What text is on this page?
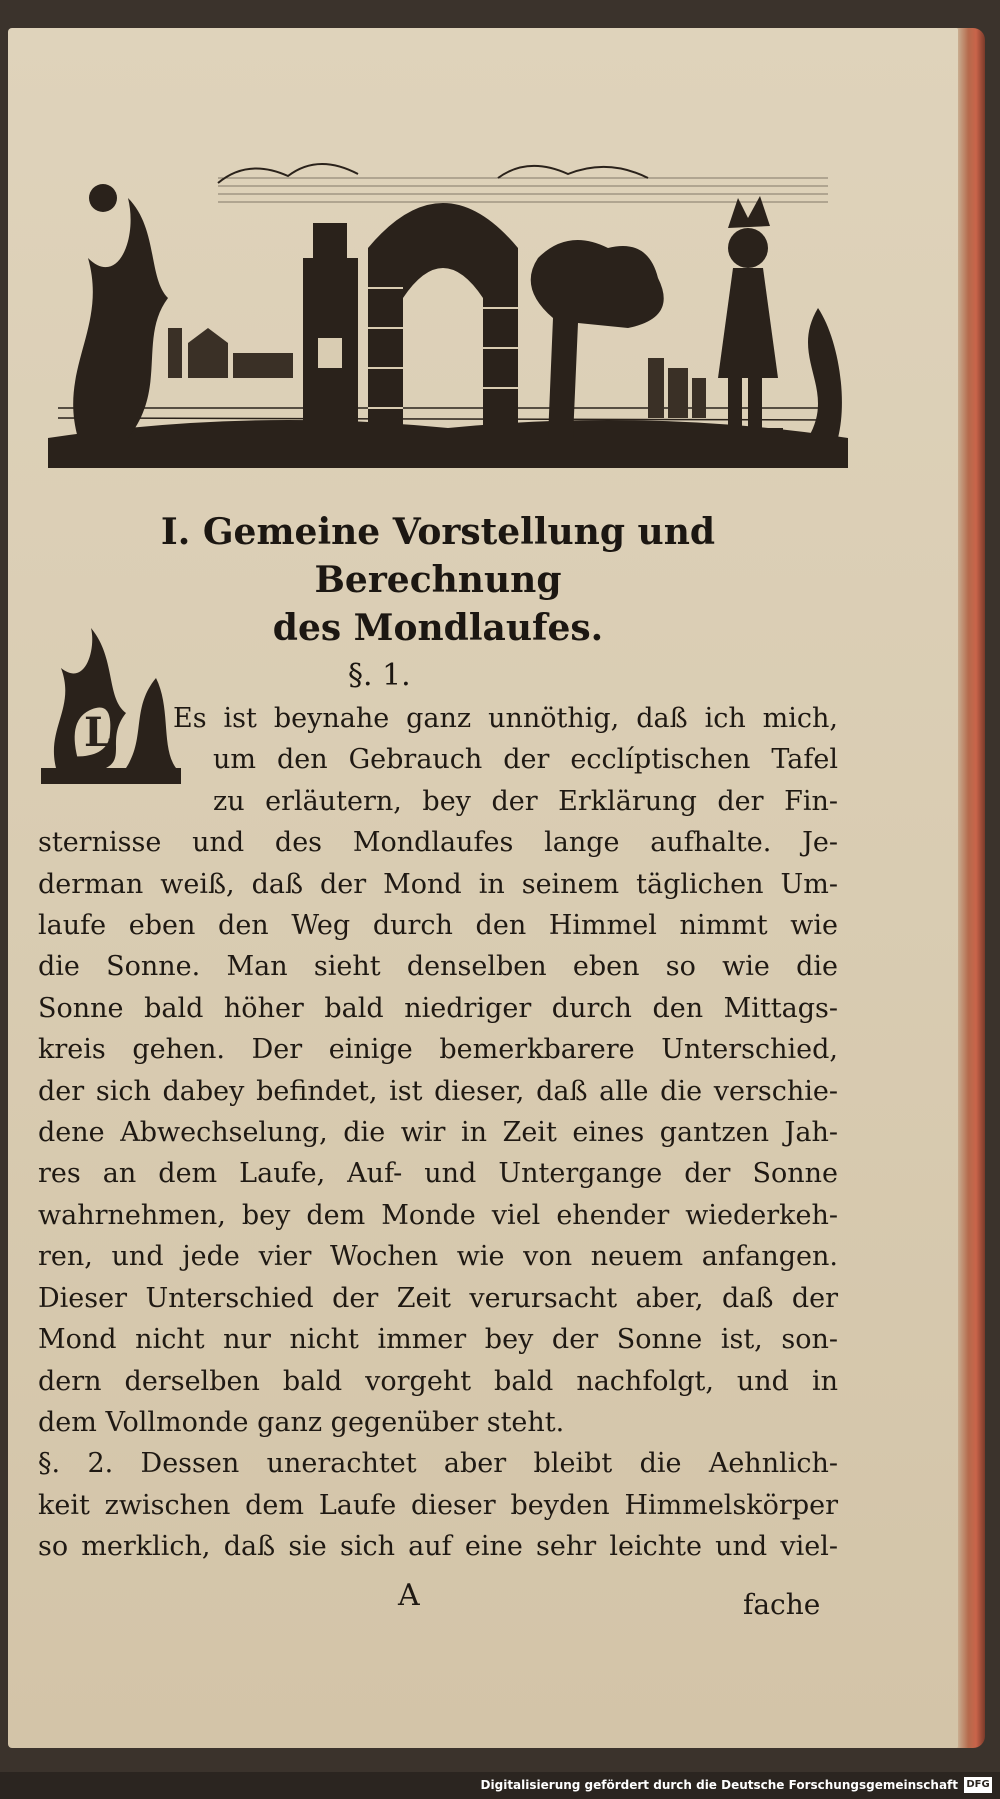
I. Gemeine Vorstellung und Berechnung
des Mondlaufes.
L
§. 1.
Es ist beynahe ganz unnöthig, daß ich mich,
um den Gebrauch der ecclíptischen Tafel
zu erläutern, bey der Erklärung der Fin-
sternisse und des Mondlaufes lange aufhalte. Je-
derman weiß, daß der Mond in seinem täglichen Um-
laufe eben den Weg durch den Himmel nimmt wie
die Sonne. Man sieht denselben eben so wie die
Sonne bald höher bald niedriger durch den Mittags-
kreis gehen. Der einige bemerkbarere Unterschied,
der sich dabey befindet, ist dieser, daß alle die verschie-
dene Abwechselung, die wir in Zeit eines gantzen Jah-
res an dem Laufe, Auf- und Untergange der Sonne
wahrnehmen, bey dem Monde viel ehender wiederkeh-
ren, und jede vier Wochen wie von neuem anfangen.
Dieser Unterschied der Zeit verursacht aber, daß der
Mond nicht nur nicht immer bey der Sonne ist, son-
dern derselben bald vorgeht bald nachfolgt, und in
dem Vollmonde ganz gegenüber steht.
§. 2. Dessen unerachtet aber bleibt die Aehnlich-
keit zwischen dem Laufe dieser beyden Himmelskörper
so merklich, daß sie sich auf eine sehr leichte und viel-
A	fache
Digitalisierung gefördert durch die Deutsche Forschungsgemeinschaft DFG
